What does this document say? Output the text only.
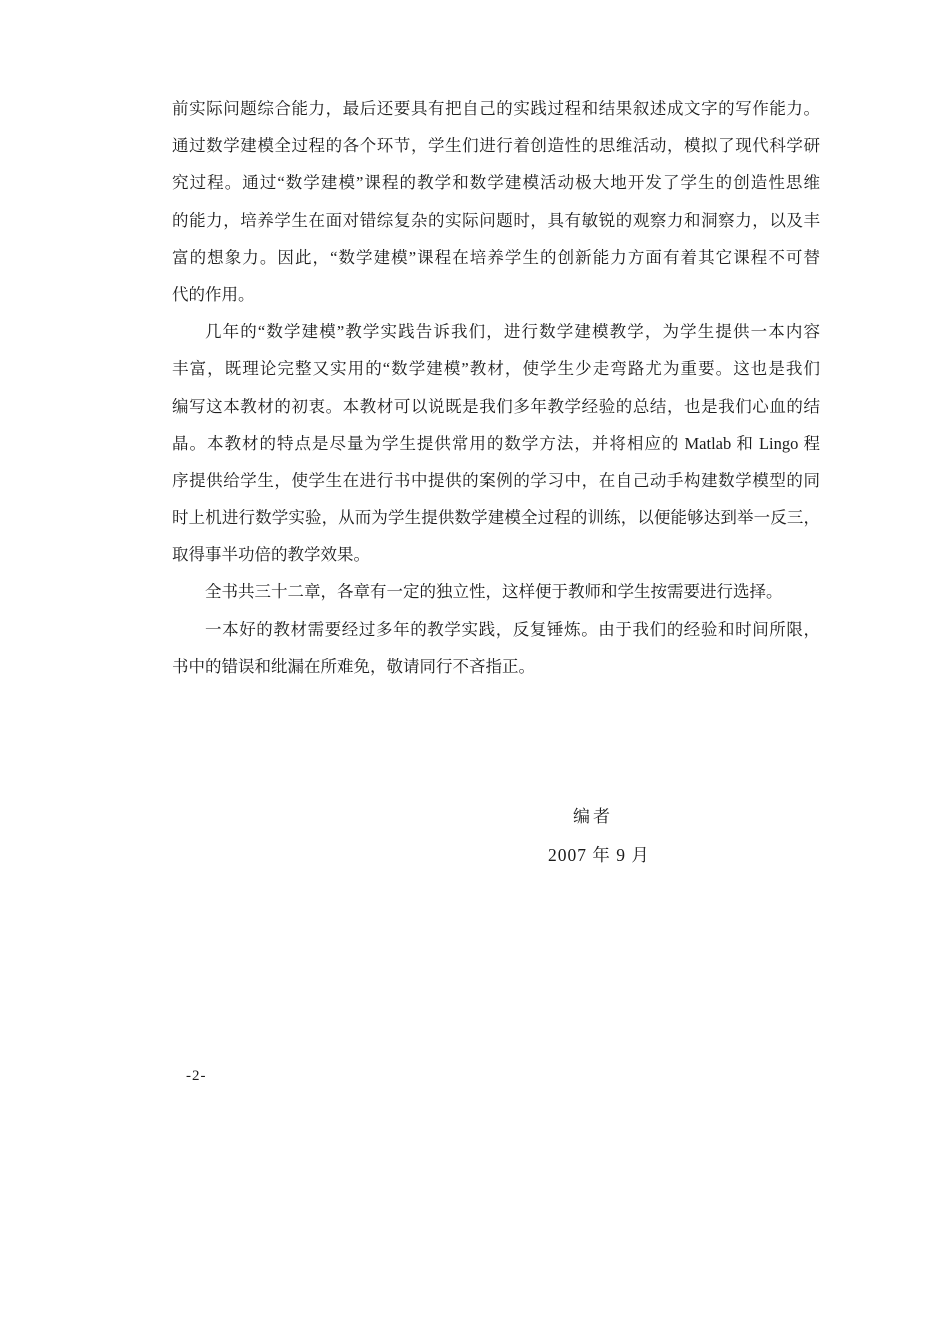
前实际问题综合能力，最后还要具有把自己的实践过程和结果叙述成文字的写作能力。
通过数学建模全过程的各个环节，学生们进行着创造性的思维活动，模拟了现代科学研
究过程。通过“数学建模”课程的教学和数学建模活动极大地开发了学生的创造性思维
的能力，培养学生在面对错综复杂的实际问题时，具有敏锐的观察力和洞察力，以及丰
富的想象力。因此，“数学建模”课程在培养学生的创新能力方面有着其它课程不可替
代的作用。
几年的“数学建模”教学实践告诉我们，进行数学建模教学，为学生提供一本内容
丰富，既理论完整又实用的“数学建模”教材，使学生少走弯路尤为重要。这也是我们
编写这本教材的初衷。本教材可以说既是我们多年教学经验的总结，也是我们心血的结
晶。本教材的特点是尽量为学生提供常用的数学方法，并将相应的 Matlab 和 Lingo 程
序提供给学生，使学生在进行书中提供的案例的学习中，在自己动手构建数学模型的同
时上机进行数学实验，从而为学生提供数学建模全过程的训练，以便能够达到举一反三，
取得事半功倍的教学效果。
全书共三十二章，各章有一定的独立性，这样便于教师和学生按需要进行选择。
一本好的教材需要经过多年的教学实践，反复锤炼。由于我们的经验和时间所限，
书中的错误和纰漏在所难免，敬请同行不吝指正。
编者
2007 年 9 月
-2-
